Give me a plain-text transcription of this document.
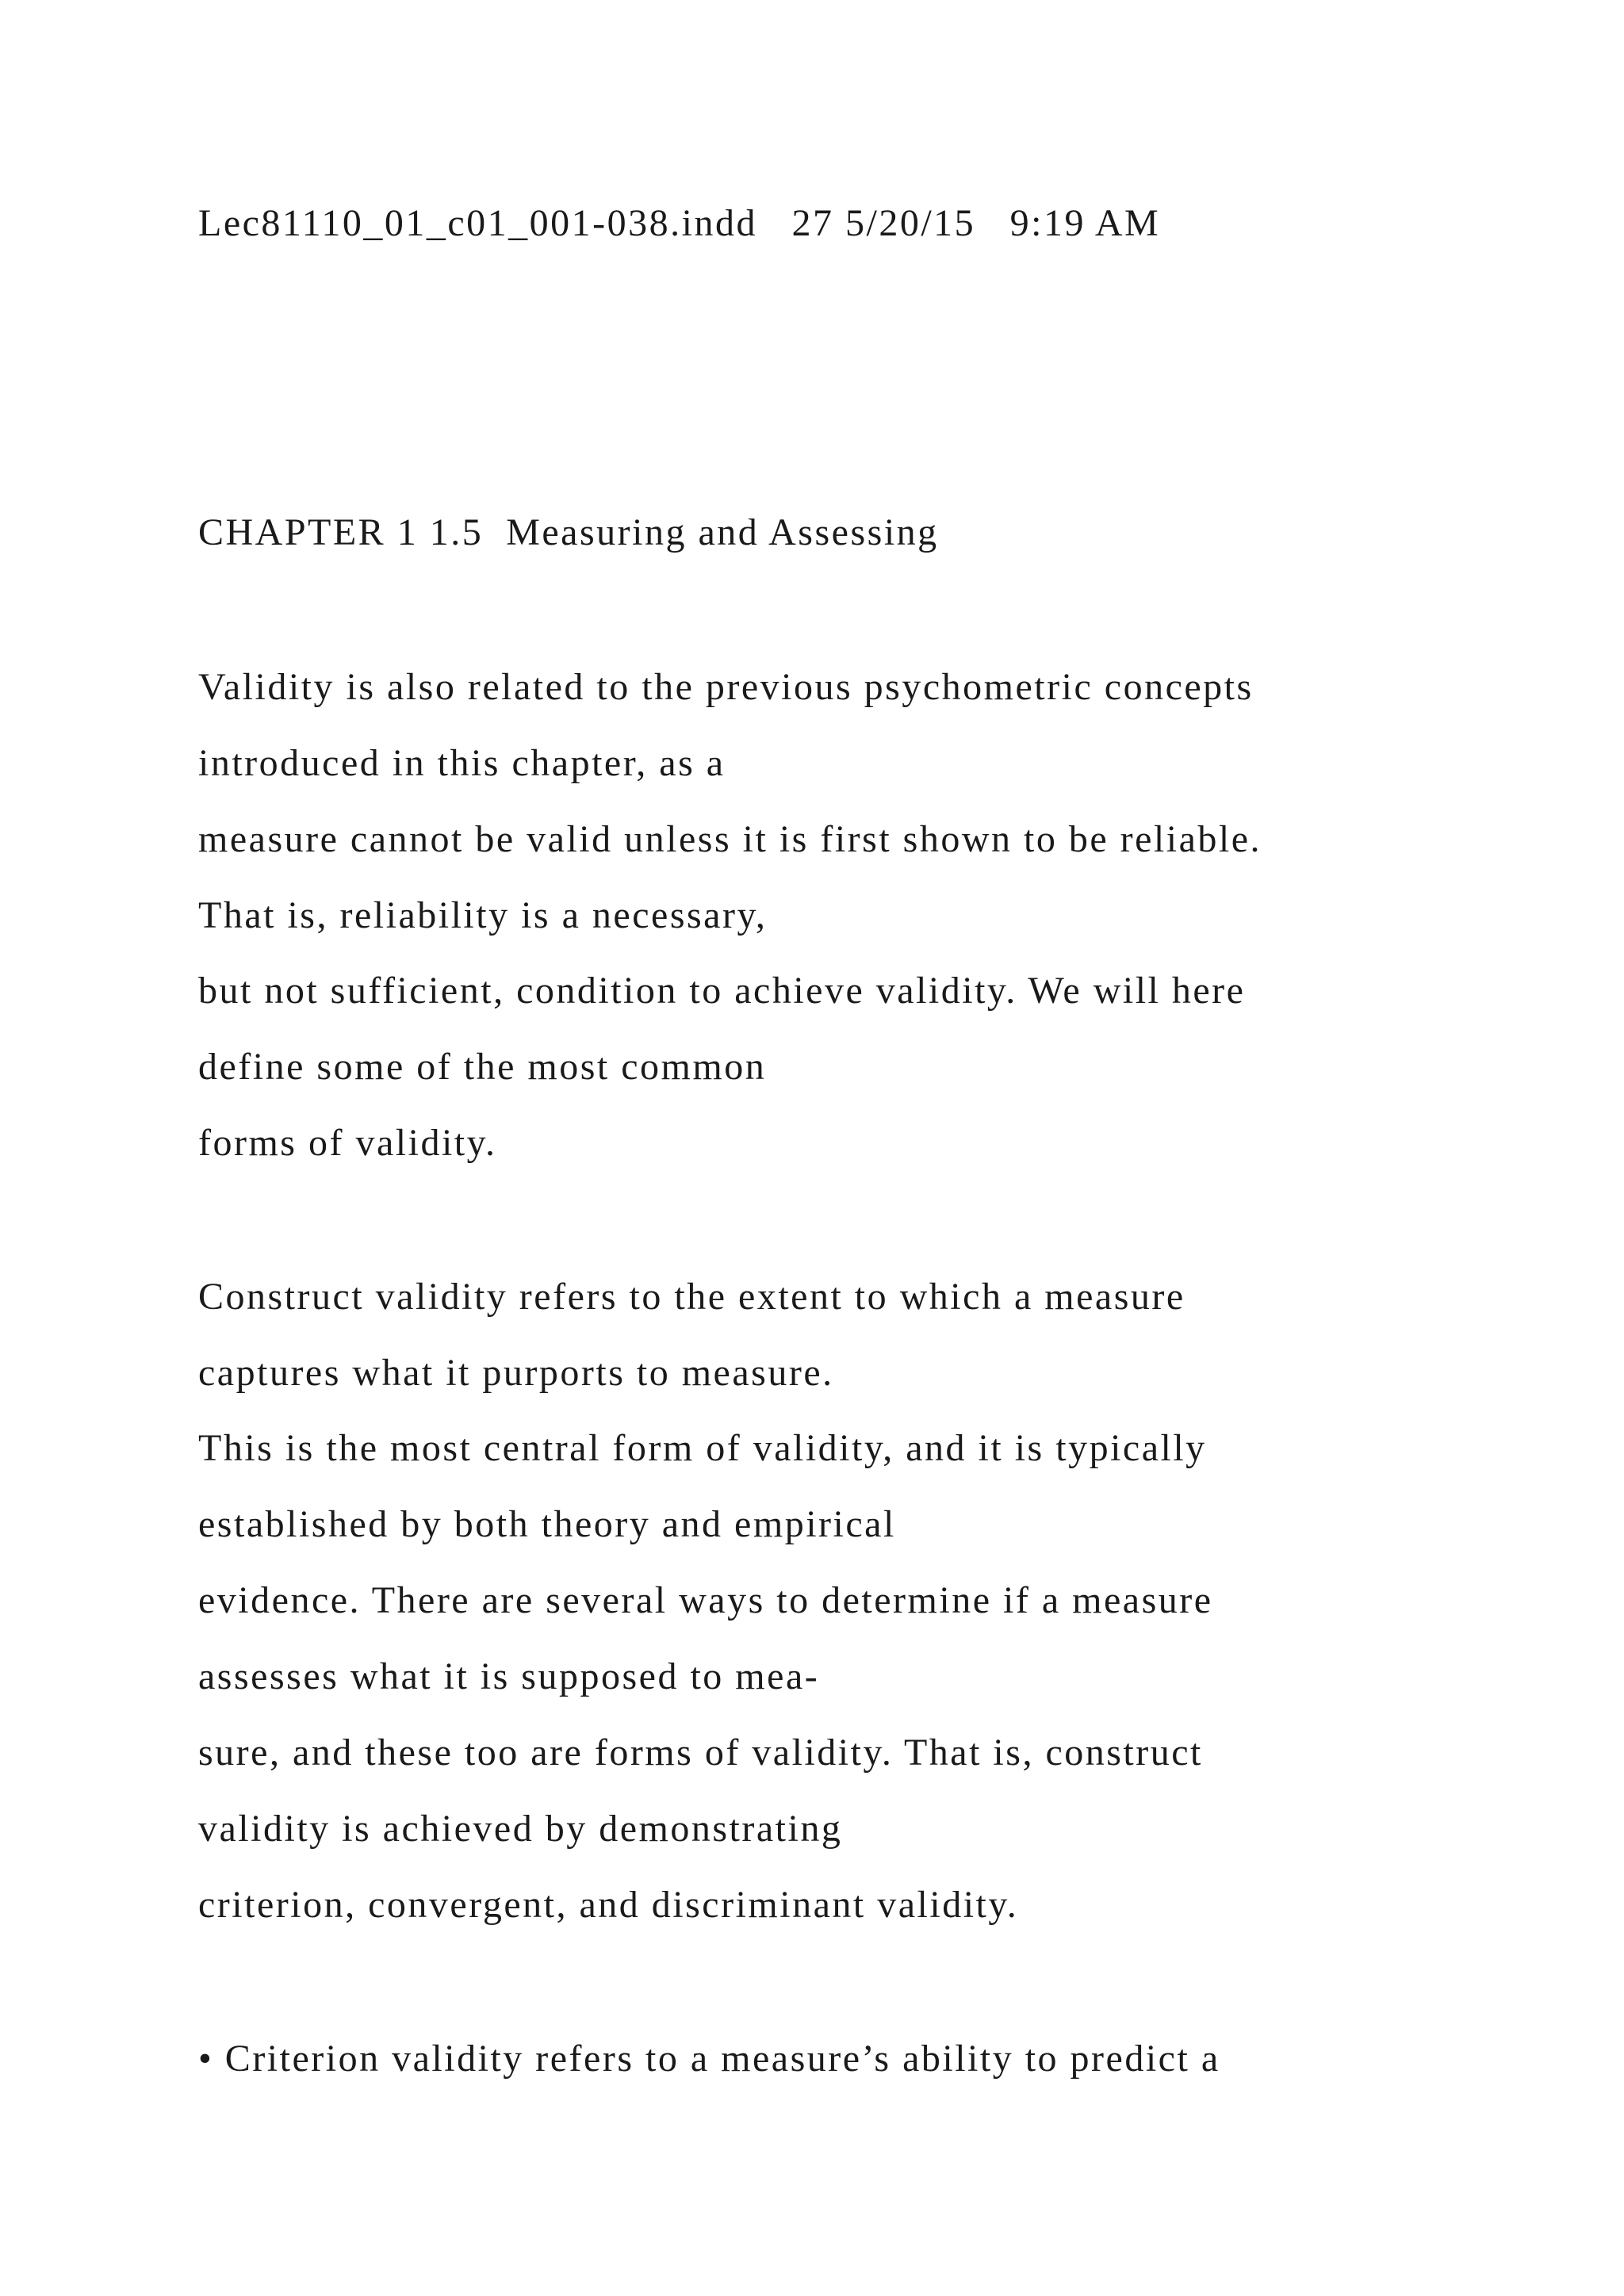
Lec81110_01_c01_001-038.indd   27 5/20/15   9:19 AM
CHAPTER 1 1.5  Measuring and Assessing
Validity is also related to the previous psychometric concepts
introduced in this chapter, as a
measure cannot be valid unless it is first shown to be reliable.
That is, reliability is a necessary,
but not sufficient, condition to achieve validity. We will here
define some of the most common
forms of validity.
Construct validity refers to the extent to which a measure
captures what it purports to measure.
This is the most central form of validity, and it is typically
established by both theory and empirical
evidence. There are several ways to determine if a measure
assesses what it is supposed to mea-
sure, and these too are forms of validity. That is, construct
validity is achieved by demonstrating
criterion, convergent, and discriminant validity.
• Criterion validity refers to a measure’s ability to predict a
